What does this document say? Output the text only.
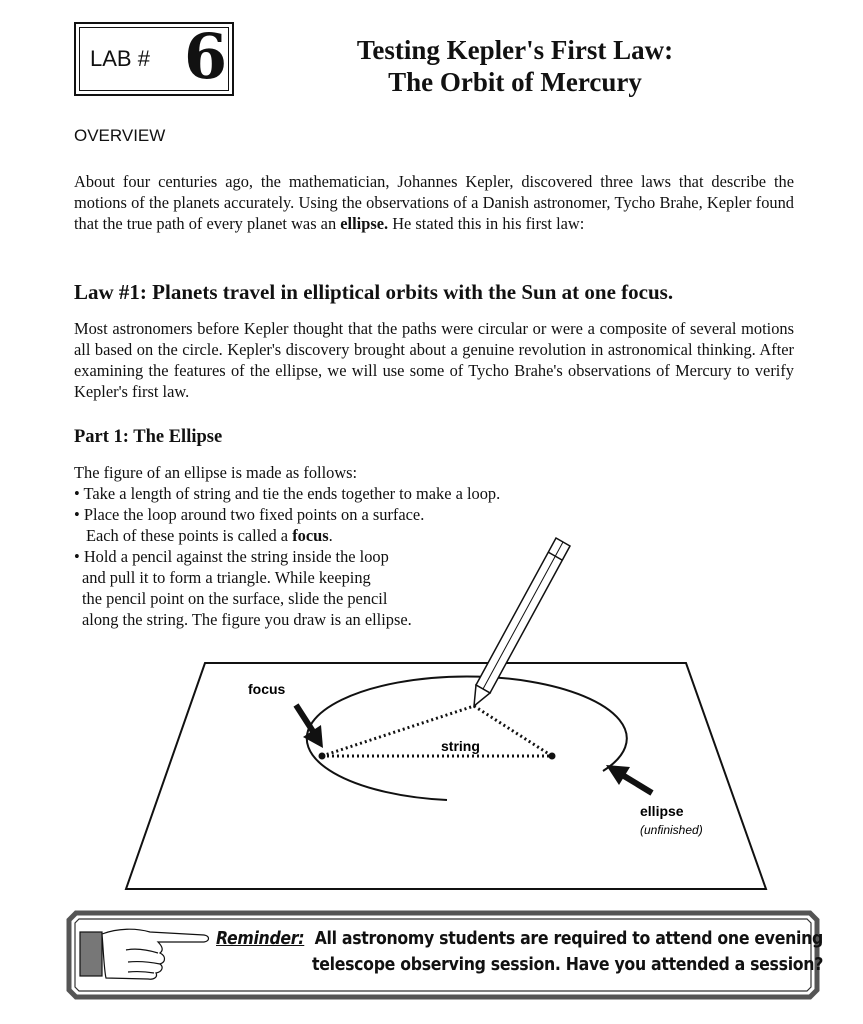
LAB # 6	Testing Kepler's First Law:
The Orbit of Mercury
OVERVIEW
About four centuries ago, the mathematician, Johannes Kepler, discovered three laws that describe the motions of the planets accurately. Using the observations of a Danish astronomer, Tycho Brahe, Kepler found that the true path of every planet was an ellipse. He stated this in his first law:
Law #1: Planets travel in elliptical orbits with the Sun at one focus.
Most astronomers before Kepler thought that the paths were circular or were a composite of several motions all based on the circle. Kepler's discovery brought about a genuine revolution in astronomical thinking. After examining the features of the ellipse, we will use some of Tycho Brahe's observations of Mercury to verify Kepler's first law.
Part 1: The Ellipse
The figure of an ellipse is made as follows:
• Take a length of string and tie the ends together to make a loop.
• Place the loop around two fixed points on a surface.
Each of these points is called a focus.
• Hold a pencil against the string inside the loop
and pull it to form a triangle. While keeping
the pencil point on the surface, slide the pencil
along the string. The figure you draw is an ellipse.
focus
string
ellipse
(unfinished)
Reminder: All astronomy students are required to attend one evening
telescope observing session. Have you attended a session?
